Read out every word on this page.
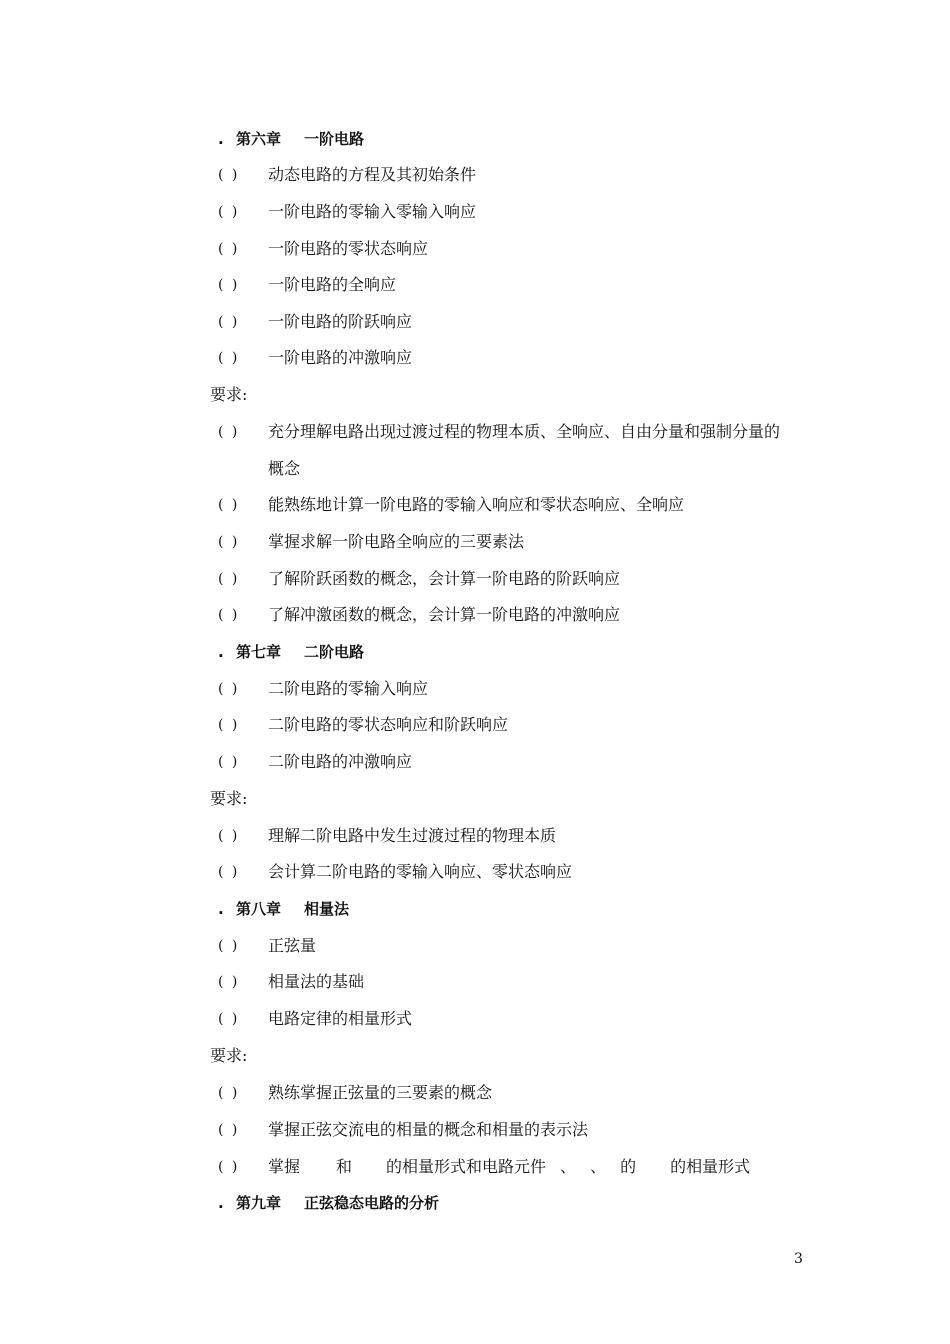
. 第六章 一阶电路
( ) 动态电路的方程及其初始条件
( ) 一阶电路的零输入零输入响应
( ) 一阶电路的零状态响应
( ) 一阶电路的全响应
( ) 一阶电路的阶跃响应
( ) 一阶电路的冲激响应
要求:
( ) 充分理解电路出现过渡过程的物理本质、全响应、自由分量和强制分量的
概念
( ) 能熟练地计算一阶电路的零输入响应和零状态响应、全响应
( ) 掌握求解一阶电路全响应的三要素法
( ) 了解阶跃函数的概念，会计算一阶电路的阶跃响应
( ) 了解冲激函数的概念，会计算一阶电路的冲激响应
. 第七章 二阶电路
( ) 二阶电路的零输入响应
( ) 二阶电路的零状态响应和阶跃响应
( ) 二阶电路的冲激响应
要求:
( ) 理解二阶电路中发生过渡过程的物理本质
( ) 会计算二阶电路的零输入响应、零状态响应
. 第八章 相量法
( ) 正弦量
( ) 相量法的基础
( ) 电路定律的相量形式
要求:
( ) 熟练掌握正弦量的三要素的概念
( ) 掌握正弦交流电的相量的概念和相量的表示法
( ) 掌握 和 的相量形式和电路元件 、 、 的 的相量形式
. 第九章 正弦稳态电路的分析
3
